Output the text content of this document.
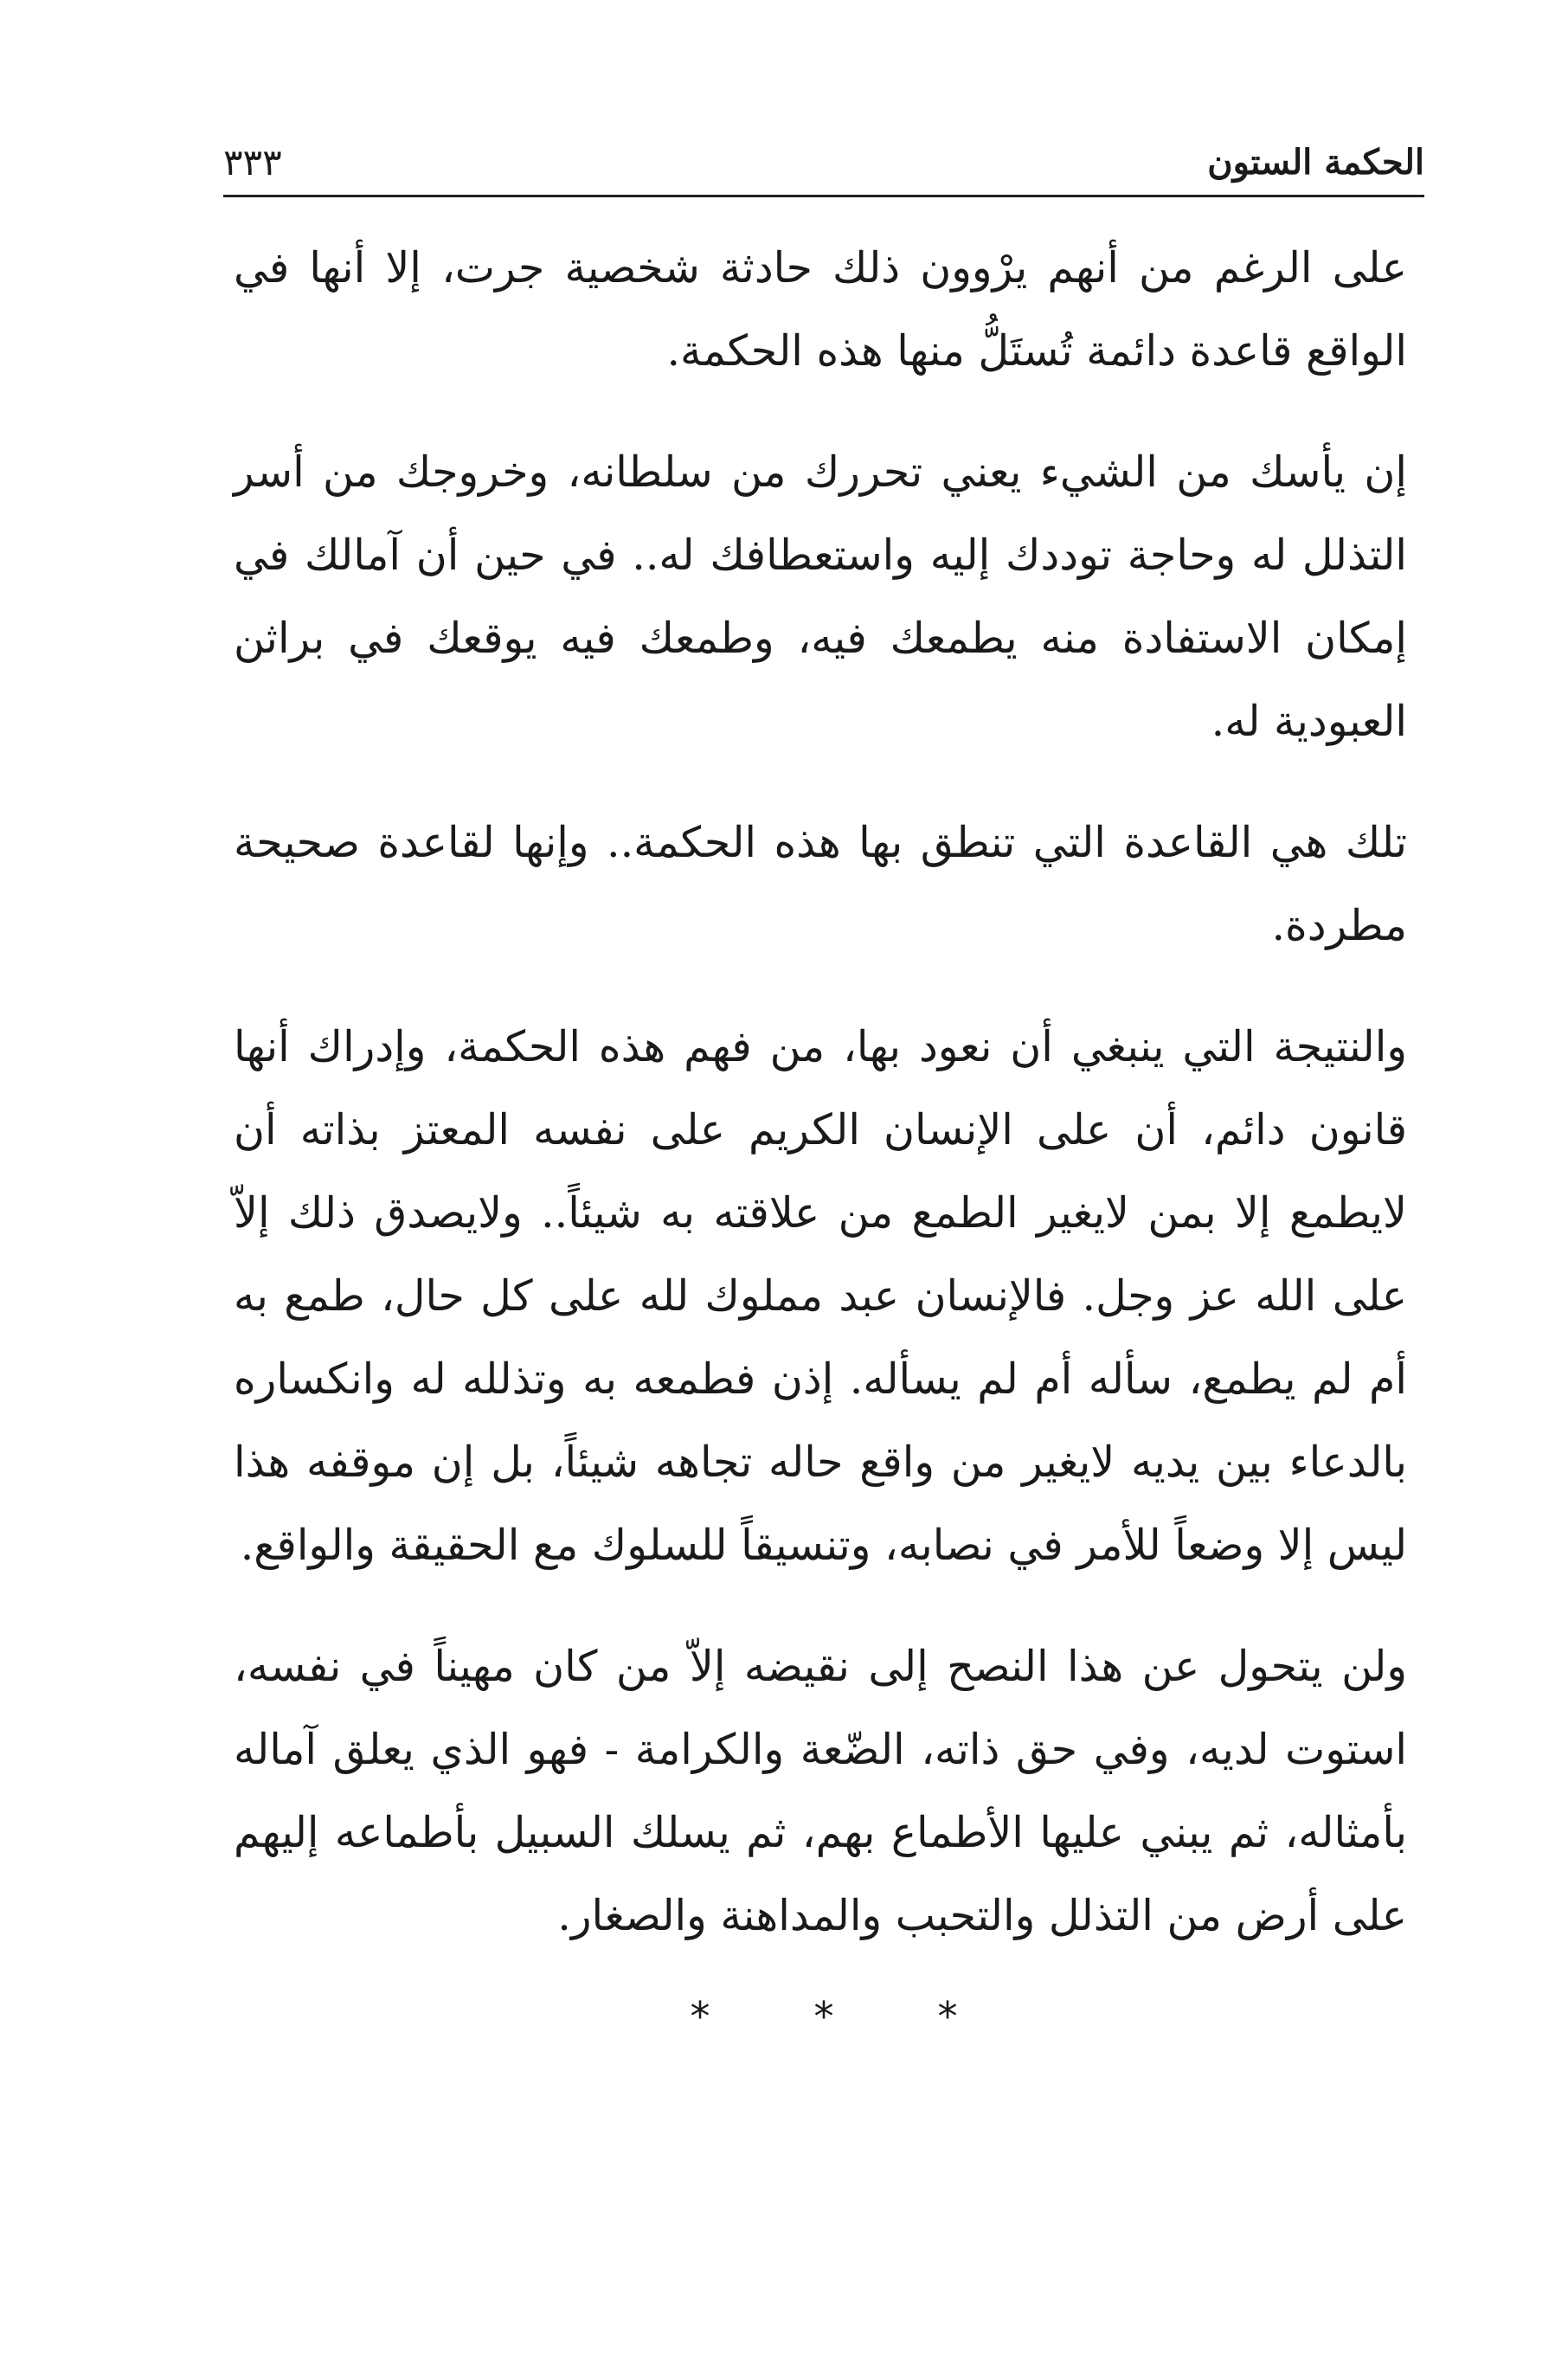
الحكمة الستون
٣٣٣

على الرغم من أنهم يرْوون ذلك حادثة شخصية جرت، إلا أنها في الواقع قاعدة دائمة تُستَلُّ منها هذه الحكمة.

إن يأسك من الشيء يعني تحررك من سلطانه، وخروجك من أسر التذلل له وحاجة توددك إليه واستعطافك له.. في حين أن آمالك في إمكان الاستفادة منه يطمعك فيه، وطمعك فيه يوقعك في براثن العبودية له.

تلك هي القاعدة التي تنطق بها هذه الحكمة.. وإنها لقاعدة صحيحة مطردة.

والنتيجة التي ينبغي أن نعود بها، من فهم هذه الحكمة، وإدراك أنها قانون دائم، أن على الإنسان الكريم على نفسه المعتز بذاته أن لايطمع إلا بمن لايغير الطمع من علاقته به شيئاً.. ولايصدق ذلك إلاّ على الله عز وجل. فالإنسان عبد مملوك لله على كل حال، طمع به أم لم يطمع، سأله أم لم يسأله. إذن فطمعه به وتذلله له وانكساره بالدعاء بين يديه لايغير من واقع حاله تجاهه شيئاً، بل إن موقفه هذا ليس إلا وضعاً للأمر في نصابه، وتنسيقاً للسلوك مع الحقيقة والواقع.

ولن يتحول عن هذا النصح إلى نقيضه إلاّ من كان مهيناً في نفسه، استوت لديه، وفي حق ذاته، الضّعة والكرامة - فهو الذي يعلق آماله بأمثاله، ثم يبني عليها الأطماع بهم، ثم يسلك السبيل بأطماعه إليهم على أرض من التذلل والتحبب والمداهنة والصغار.

*	*	*
